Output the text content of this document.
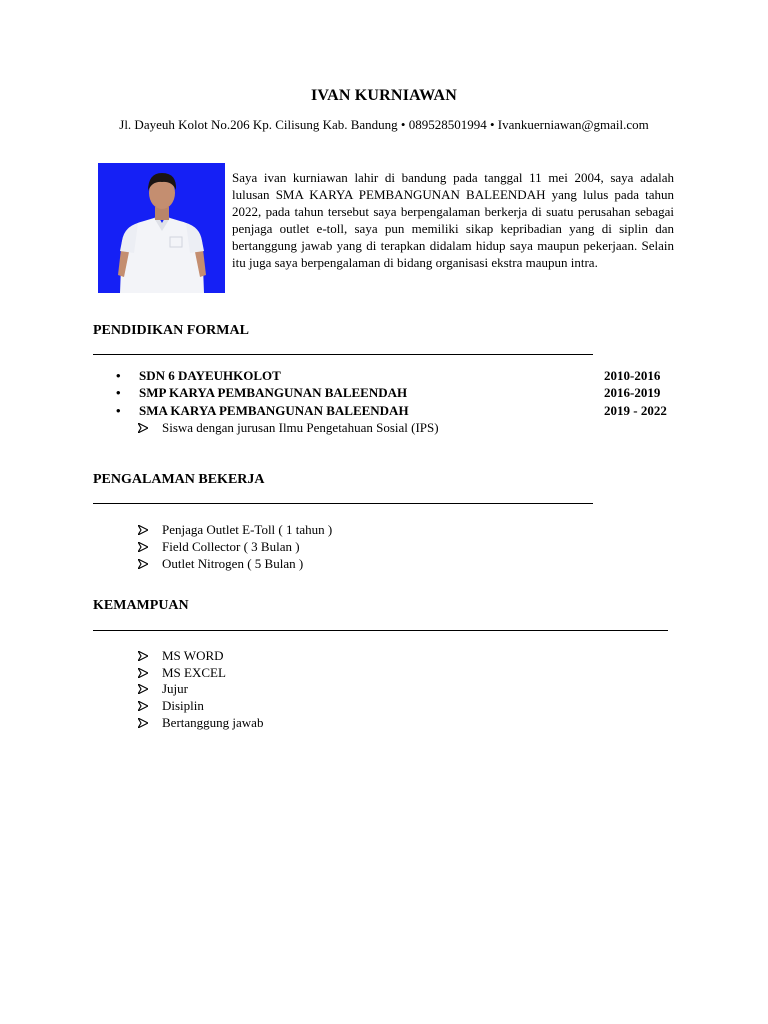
IVAN KURNIAWAN
Jl. Dayeuh Kolot No.206 Kp. Cilisung Kab. Bandung • 089528501994 • Ivankuerniawan@gmail.com
Saya ivan kurniawan lahir di bandung pada tanggal 11 mei 2004, saya adalah lulusan SMA KARYA PEMBANGUNAN BALEENDAH yang lulus pada tahun 2022, pada tahun tersebut saya berpengalaman berkerja di suatu perusahan sebagai penjaga outlet e-toll, saya pun memiliki sikap kepribadian yang di siplin dan bertanggung jawab yang di terapkan didalam hidup saya maupun pekerjaan. Selain itu juga saya berpengalaman di bidang organisasi ekstra maupun intra.
PENDIDIKAN FORMAL
• SDN 6 DAYEUHKOLOT	2010-2016
• SMP KARYA PEMBANGUNAN BALEENDAH	2016-2019
• SMA KARYA PEMBANGUNAN BALEENDAH	2019 - 2022
Siswa dengan jurusan Ilmu Pengetahuan Sosial (IPS)
PENGALAMAN BEKERJA
Penjaga Outlet E-Toll ( 1 tahun )
Field Collector ( 3 Bulan )
Outlet Nitrogen ( 5 Bulan )
KEMAMPUAN
MS WORD
MS EXCEL
Jujur
Disiplin
Bertanggung jawab
